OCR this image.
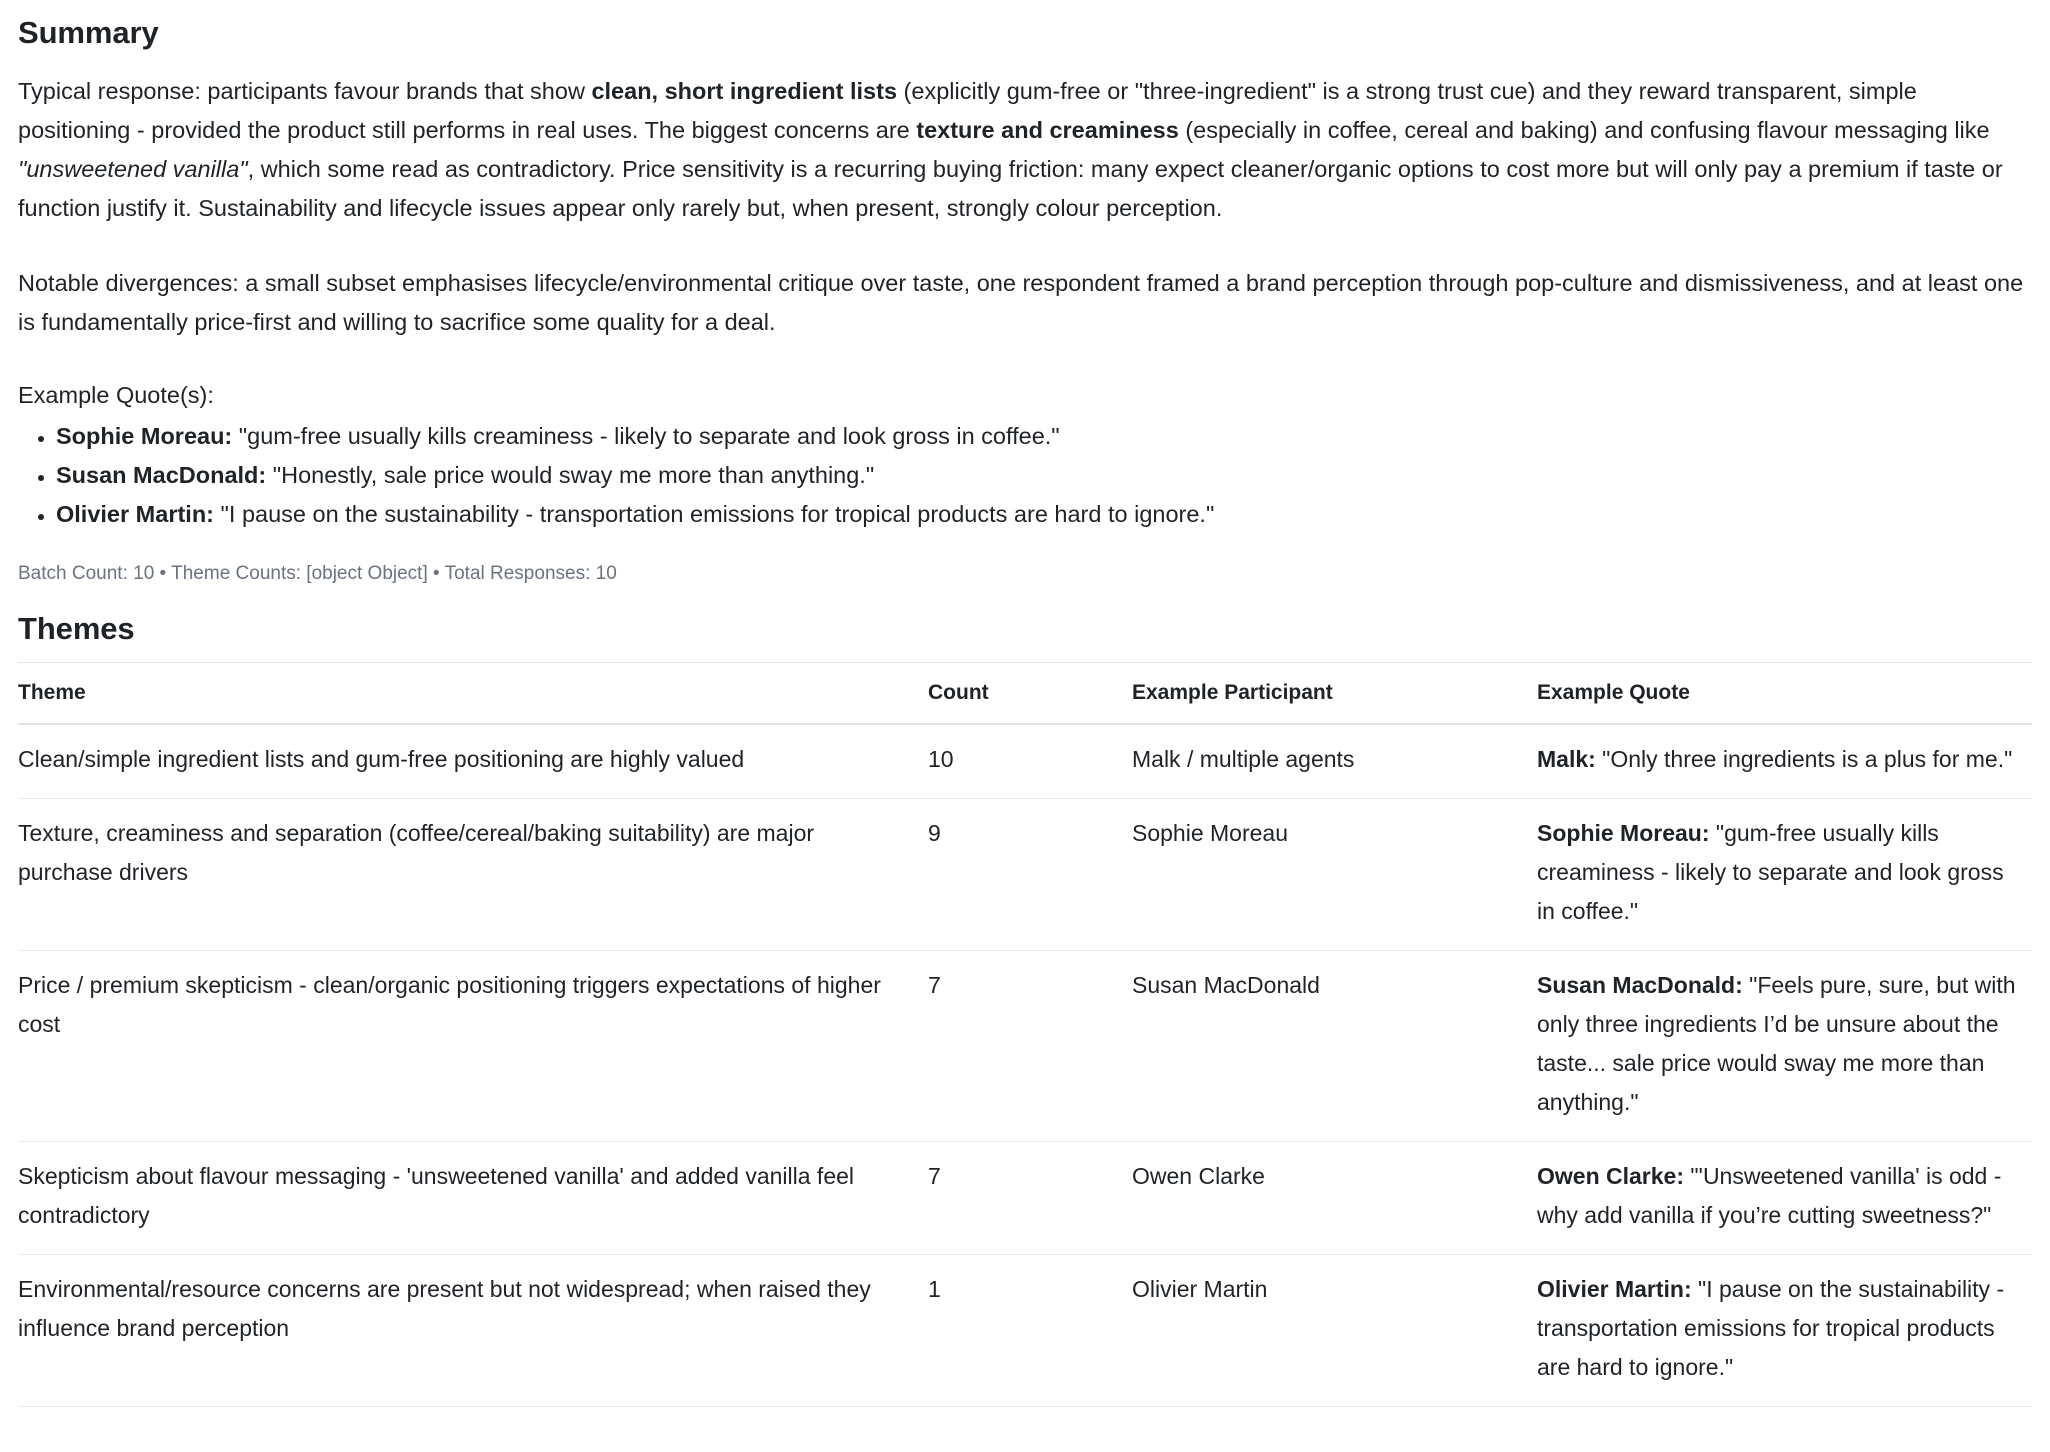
Summary

Typical response: participants favour brands that show clean, short ingredient lists (explicitly gum-free or "three-ingredient" is a strong trust cue) and they reward transparent, simple positioning - provided the product still performs in real uses. The biggest concerns are texture and creaminess (especially in coffee, cereal and baking) and confusing flavour messaging like "unsweetened vanilla", which some read as contradictory. Price sensitivity is a recurring buying friction: many expect cleaner/organic options to cost more but will only pay a premium if taste or function justify it. Sustainability and lifecycle issues appear only rarely but, when present, strongly colour perception.

Notable divergences: a small subset emphasises lifecycle/environmental critique over taste, one respondent framed a brand perception through pop-culture and dismissiveness, and at least one is fundamentally price-first and willing to sacrifice some quality for a deal.

Example Quote(s):
• Sophie Moreau: "gum-free usually kills creaminess - likely to separate and look gross in coffee."
• Susan MacDonald: "Honestly, sale price would sway me more than anything."
• Olivier Martin: "I pause on the sustainability - transportation emissions for tropical products are hard to ignore."
Batch Count: 10 • Theme Counts: [object Object] • Total Responses: 10
Themes
Theme	Count	Example Participant	Example Quote
Clean/simple ingredient lists and gum-free positioning are highly valued	10	Malk / multiple agents	Malk: "Only three ingredients is a plus for me."
Texture, creaminess and separation (coffee/cereal/baking suitability) are major purchase drivers	9	Sophie Moreau	Sophie Moreau: "gum-free usually kills creaminess - likely to separate and look gross in coffee."
Price / premium skepticism - clean/organic positioning triggers expectations of higher cost	7	Susan MacDonald	Susan MacDonald: "Feels pure, sure, but with only three ingredients I’d be unsure about the taste... sale price would sway me more than anything."
Skepticism about flavour messaging - 'unsweetened vanilla' and added vanilla feel contradictory	7	Owen Clarke	Owen Clarke: "'Unsweetened vanilla' is odd - why add vanilla if you’re cutting sweetness?"
Environmental/resource concerns are present but not widespread; when raised they influence brand perception	1	Olivier Martin	Olivier Martin: "I pause on the sustainability - transportation emissions for tropical products are hard to ignore."
